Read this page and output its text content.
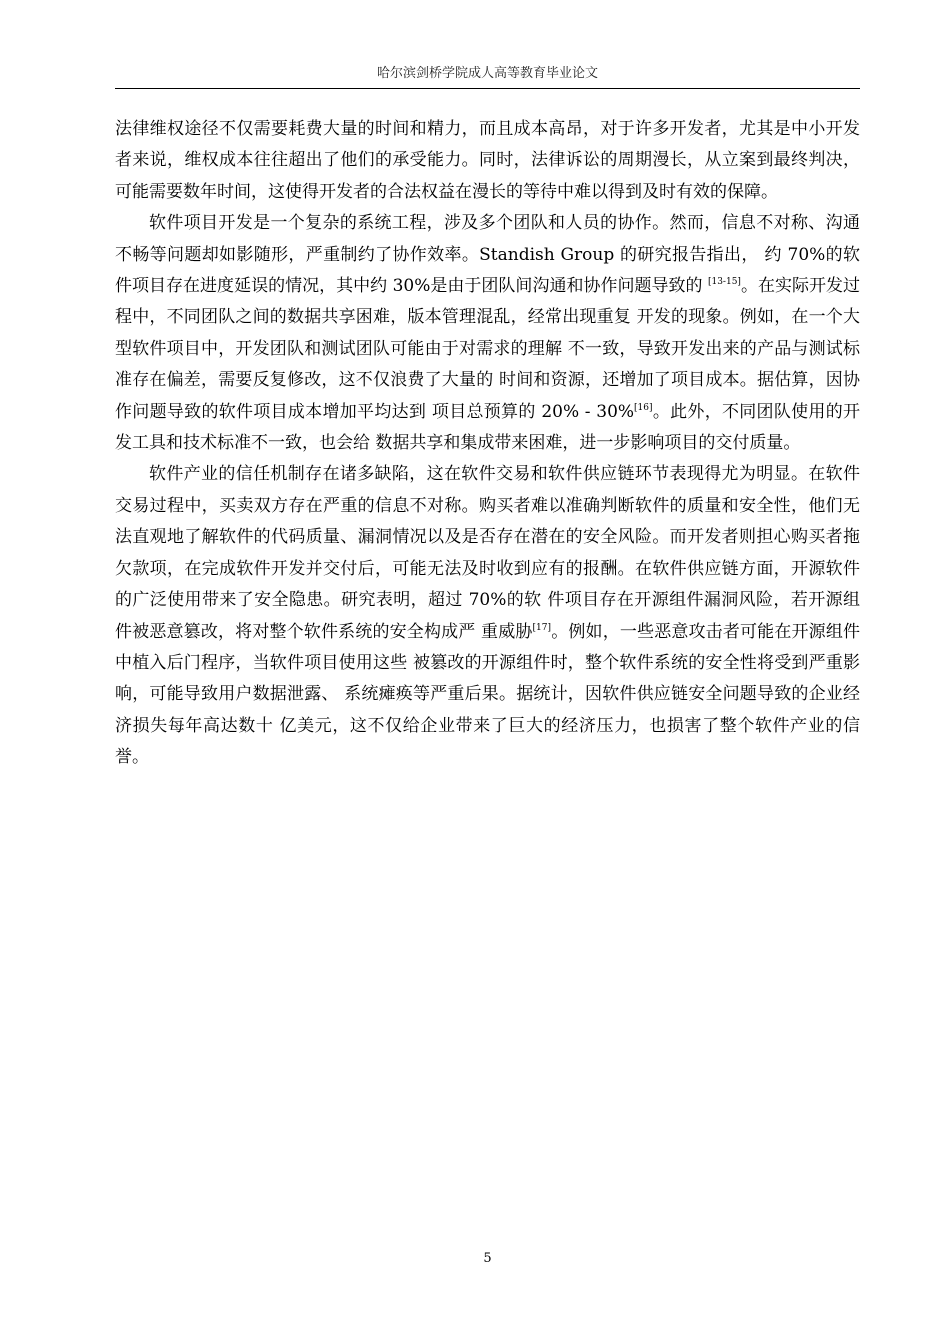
哈尔滨剑桥学院成人高等教育毕业论文

法律维权途径不仅需要耗费大量的时间和精力，而且成本高昂，对于许多开发者，尤其是中小开发者来说，维权成本往往超出了他们的承受能力。同时，法律诉讼的周期漫长，从立案到最终判决，可能需要数年时间，这使得开发者的合法权益在漫长的等待中难以得到及时有效的保障。

软件项目开发是一个复杂的系统工程，涉及多个团队和人员的协作。然而，信息不对称、沟通不畅等问题却如影随形，严重制约了协作效率。Standish Group 的研究报告指出， 约 70%的软件项目存在进度延误的情况，其中约 30%是由于团队间沟通和协作问题导致的 [13-15]。在实际开发过程中，不同团队之间的数据共享困难，版本管理混乱，经常出现重复 开发的现象。例如，在一个大型软件项目中，开发团队和测试团队可能由于对需求的理解 不一致，导致开发出来的产品与测试标准存在偏差，需要反复修改，这不仅浪费了大量的 时间和资源，还增加了项目成本。据估算，因协作问题导致的软件项目成本增加平均达到 项目总预算的 20% - 30%[16]。此外，不同团队使用的开发工具和技术标准不一致，也会给 数据共享和集成带来困难，进一步影响项目的交付质量。

软件产业的信任机制存在诸多缺陷，这在软件交易和软件供应链环节表现得尤为明显。在软件交易过程中，买卖双方存在严重的信息不对称。购买者难以准确判断软件的质量和安全性，他们无法直观地了解软件的代码质量、漏洞情况以及是否存在潜在的安全风险。而开发者则担心购买者拖欠款项，在完成软件开发并交付后，可能无法及时收到应有的报酬。在软件供应链方面，开源软件的广泛使用带来了安全隐患。研究表明，超过 70%的软 件项目存在开源组件漏洞风险，若开源组件被恶意篡改，将对整个软件系统的安全构成严 重威胁[17]。例如，一些恶意攻击者可能在开源组件中植入后门程序，当软件项目使用这些 被篡改的开源组件时，整个软件系统的安全性将受到严重影响，可能导致用户数据泄露、 系统瘫痪等严重后果。据统计，因软件供应链安全问题导致的企业经济损失每年高达数十 亿美元，这不仅给企业带来了巨大的经济压力，也损害了整个软件产业的信誉。

5
